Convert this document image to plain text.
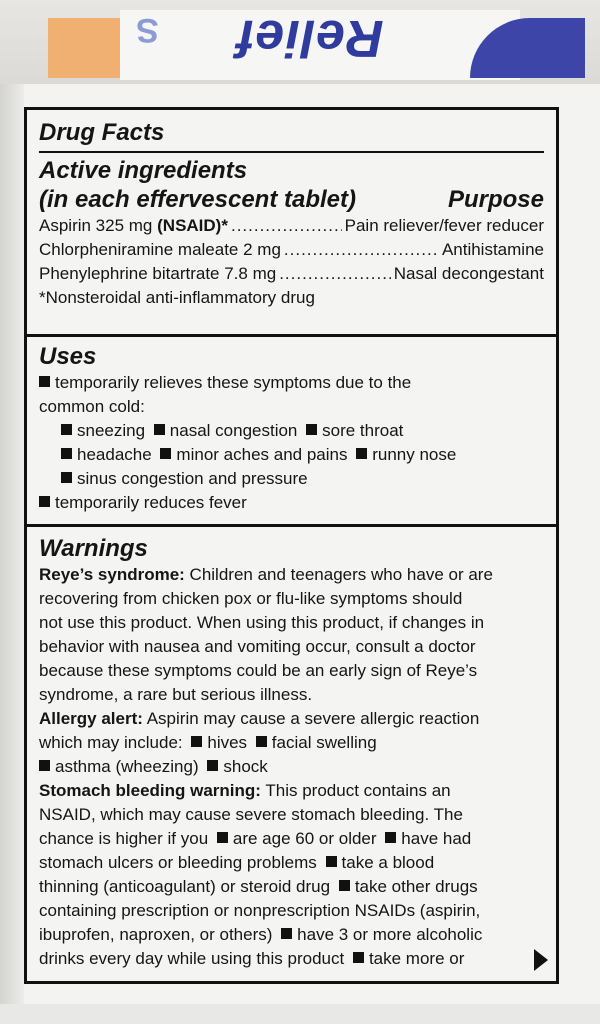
S Relief
Drug Facts
Active ingredients
(in each effervescent tablet)	Purpose
Aspirin 325 mg (NSAID)* .....	Pain reliever/fever reducer
Chlorpheniramine maleate 2 mg .....	Antihistamine
Phenylephrine bitartrate 7.8 mg .....	Nasal decongestant
*Nonsteroidal anti-inflammatory drug
Uses
temporarily relieves these symptoms due to the
common cold:
sneezing nasal congestion sore throat
headache minor aches and pains runny nose
sinus congestion and pressure
temporarily reduces fever
Warnings
Reye’s syndrome: Children and teenagers who have or are
recovering from chicken pox or flu-like symptoms should
not use this product. When using this product, if changes in
behavior with nausea and vomiting occur, consult a doctor
because these symptoms could be an early sign of Reye’s
syndrome, a rare but serious illness.
Allergy alert: Aspirin may cause a severe allergic reaction
which may include: hives facial swelling
asthma (wheezing) shock
Stomach bleeding warning: This product contains an
NSAID, which may cause severe stomach bleeding. The
chance is higher if you are age 60 or older have had
stomach ulcers or bleeding problems take a blood
thinning (anticoagulant) or steroid drug take other drugs
containing prescription or nonprescription NSAIDs (aspirin,
ibuprofen, naproxen, or others) have 3 or more alcoholic
drinks every day while using this product take more or
